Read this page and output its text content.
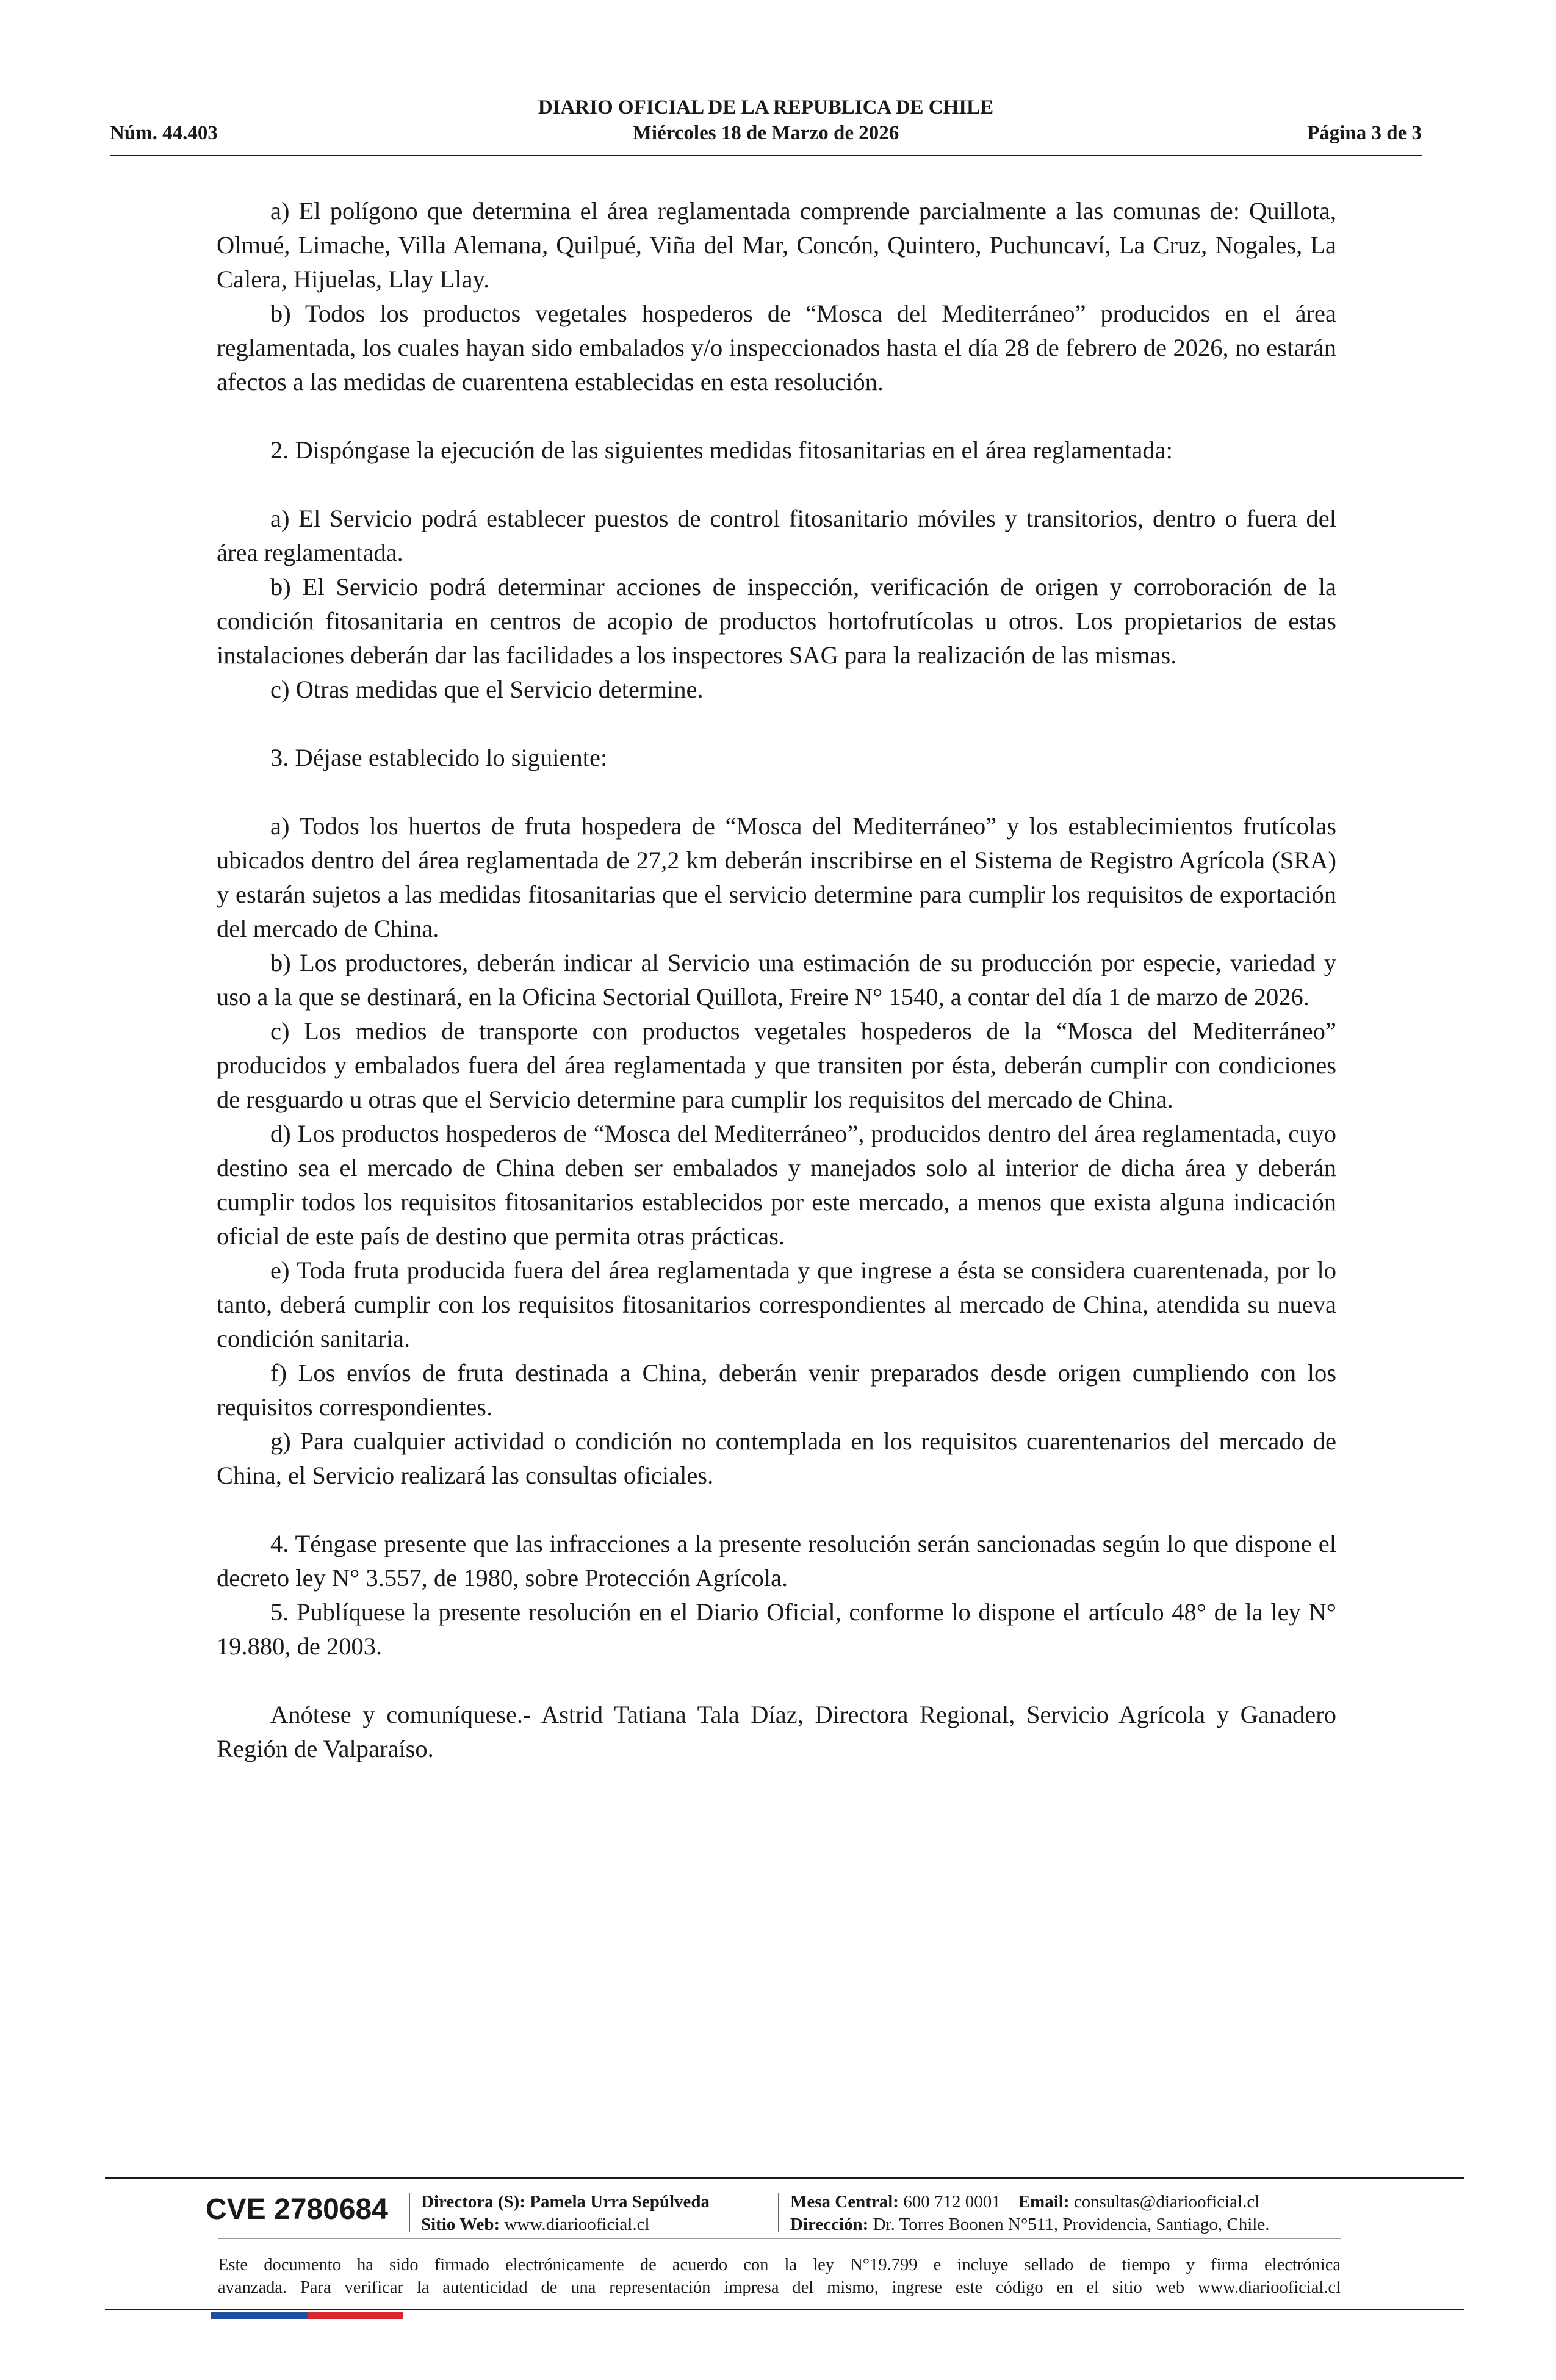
DIARIO OFICIAL DE LA REPUBLICA DE CHILE
Núm. 44.403	Miércoles 18 de Marzo de 2026	Página 3 de 3

a) El polígono que determina el área reglamentada comprende parcialmente a las comunas de: Quillota, Olmué, Limache, Villa Alemana, Quilpué, Viña del Mar, Concón, Quintero, Puchuncaví, La Cruz, Nogales, La Calera, Hijuelas, Llay Llay.

b) Todos los productos vegetales hospederos de “Mosca del Mediterráneo” producidos en el área reglamentada, los cuales hayan sido embalados y/o inspeccionados hasta el día 28 de febrero de 2026, no estarán afectos a las medidas de cuarentena establecidas en esta resolución.

2. Dispóngase la ejecución de las siguientes medidas fitosanitarias en el área reglamentada:

a) El Servicio podrá establecer puestos de control fitosanitario móviles y transitorios, dentro o fuera del área reglamentada.

b) El Servicio podrá determinar acciones de inspección, verificación de origen y corroboración de la condición fitosanitaria en centros de acopio de productos hortofrutícolas u otros. Los propietarios de estas instalaciones deberán dar las facilidades a los inspectores SAG para la realización de las mismas.

c) Otras medidas que el Servicio determine.

3. Déjase establecido lo siguiente:

a) Todos los huertos de fruta hospedera de “Mosca del Mediterráneo” y los establecimientos frutícolas ubicados dentro del área reglamentada de 27,2 km deberán inscribirse en el Sistema de Registro Agrícola (SRA) y estarán sujetos a las medidas fitosanitarias que el servicio determine para cumplir los requisitos de exportación del mercado de China.

b) Los productores, deberán indicar al Servicio una estimación de su producción por especie, variedad y uso a la que se destinará, en la Oficina Sectorial Quillota, Freire N° 1540, a contar del día 1 de marzo de 2026.

c) Los medios de transporte con productos vegetales hospederos de la “Mosca del Mediterráneo” producidos y embalados fuera del área reglamentada y que transiten por ésta, deberán cumplir con condiciones de resguardo u otras que el Servicio determine para cumplir los requisitos del mercado de China.

d) Los productos hospederos de “Mosca del Mediterráneo”, producidos dentro del área reglamentada, cuyo destino sea el mercado de China deben ser embalados y manejados solo al interior de dicha área y deberán cumplir todos los requisitos fitosanitarios establecidos por este mercado, a menos que exista alguna indicación oficial de este país de destino que permita otras prácticas.

e) Toda fruta producida fuera del área reglamentada y que ingrese a ésta se considera cuarentenada, por lo tanto, deberá cumplir con los requisitos fitosanitarios correspondientes al mercado de China, atendida su nueva condición sanitaria.

f) Los envíos de fruta destinada a China, deberán venir preparados desde origen cumpliendo con los requisitos correspondientes.

g) Para cualquier actividad o condición no contemplada en los requisitos cuarentenarios del mercado de China, el Servicio realizará las consultas oficiales.

4. Téngase presente que las infracciones a la presente resolución serán sancionadas según lo que dispone el decreto ley N° 3.557, de 1980, sobre Protección Agrícola.

5. Publíquese la presente resolución en el Diario Oficial, conforme lo dispone el artículo 48° de la ley N° 19.880, de 2003.

Anótese y comuníquese.- Astrid Tatiana Tala Díaz, Directora Regional, Servicio Agrícola y Ganadero Región de Valparaíso.

CVE 2780684 Directora (S): Pamela Urra Sepúlveda
Sitio Web: www.diariooficial.cl
Mesa Central: 600 712 0001 Email: consultas@diariooficial.cl
Dirección: Dr. Torres Boonen N°511, Providencia, Santiago, Chile.
Este documento ha sido firmado electrónicamente de acuerdo con la ley N°19.799 e incluye sellado de tiempo y firma electrónica
avanzada. Para verificar la autenticidad de una representación impresa del mismo, ingrese este código en el sitio web www.diariooficial.cl
